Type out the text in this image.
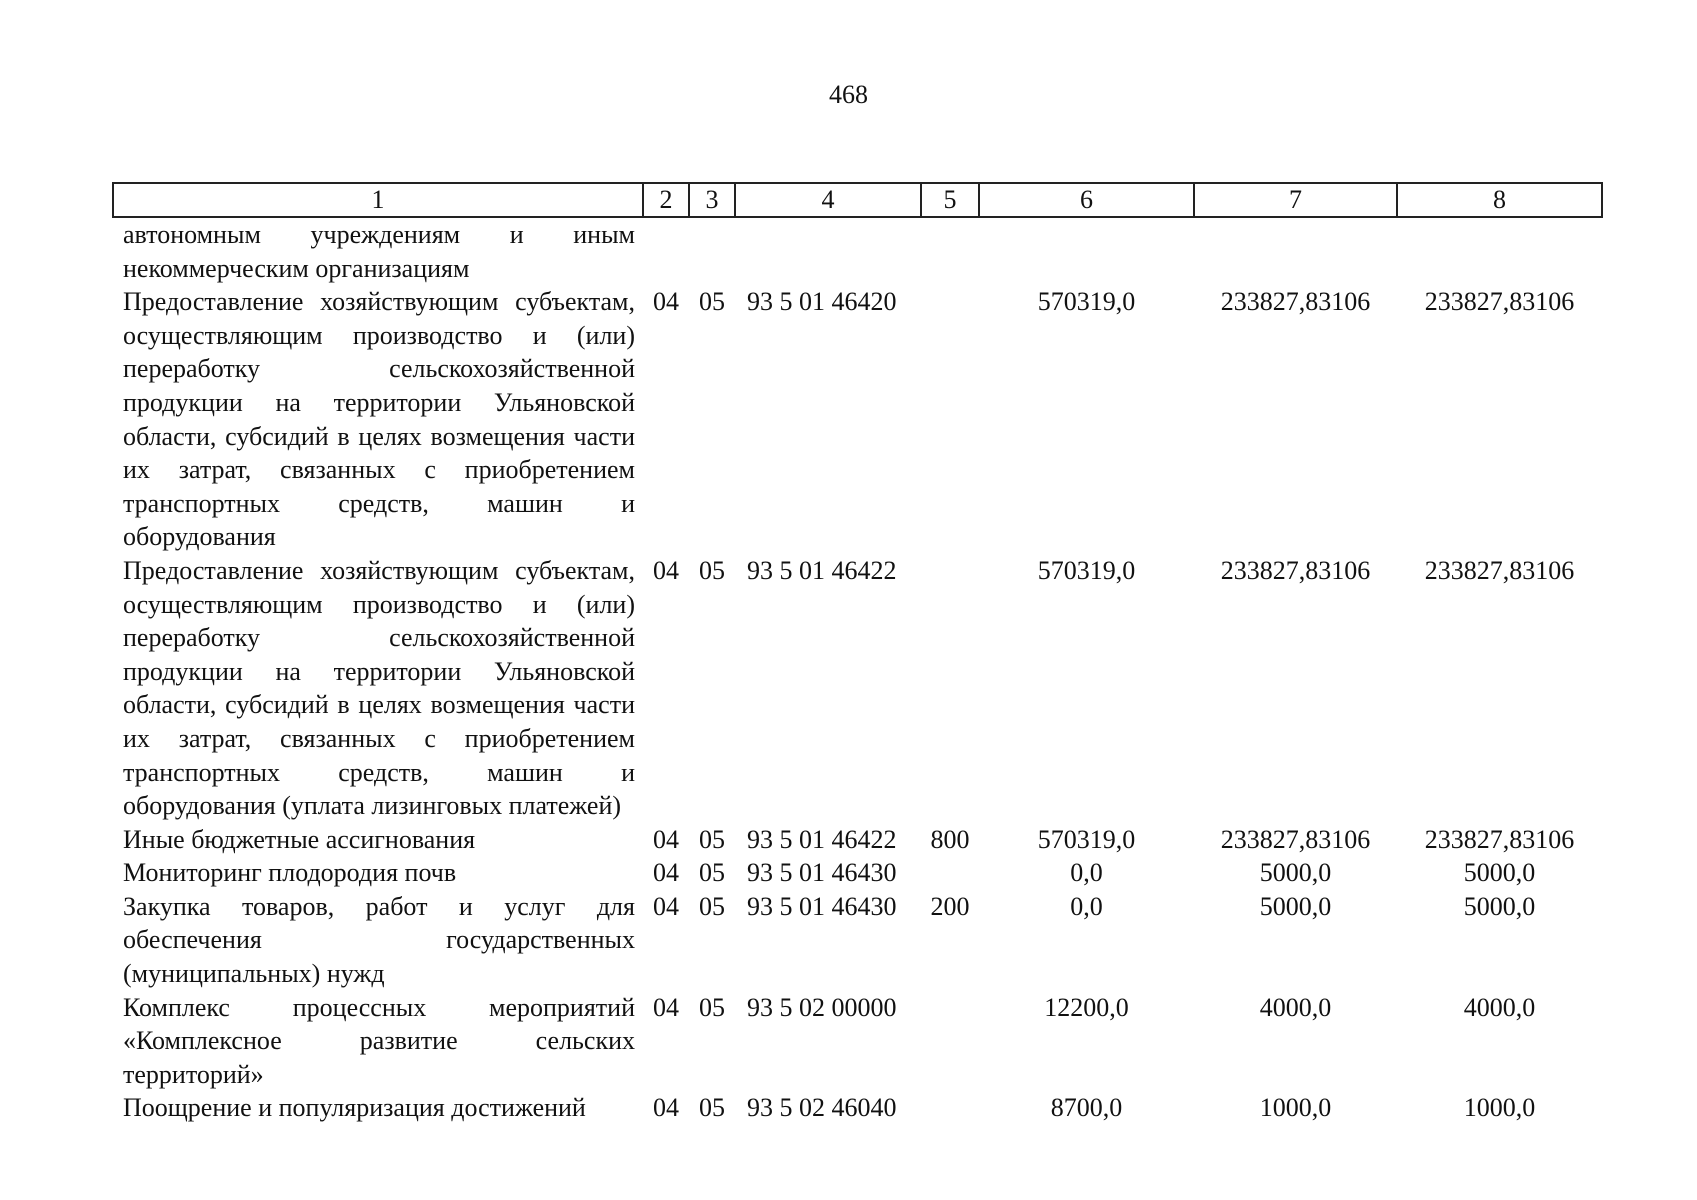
468
1	2	3	4	5	6	7	8
автономным учреждениям и иным некоммерческим организациям							
Предоставление хозяйствующим субъектам, осуществляющим производство и (или) переработку сельскохозяйственной продукции на территории Ульяновской области, субсидий в целях возмещения части их затрат, связанных с приобретением транспортных средств, машин и оборудования	04	05	93 5 01 46420		570319,0	233827,83106	233827,83106
Предоставление хозяйствующим субъектам, осуществляющим производство и (или) переработку сельскохозяйственной продукции на территории Ульяновской области, субсидий в целях возмещения части их затрат, связанных с приобретением транспортных средств, машин и оборудования (уплата лизинговых платежей)	04	05	93 5 01 46422		570319,0	233827,83106	233827,83106
Иные бюджетные ассигнования	04	05	93 5 01 46422	800	570319,0	233827,83106	233827,83106
Мониторинг плодородия почв	04	05	93 5 01 46430		0,0	5000,0	5000,0
Закупка товаров, работ и услуг для обеспечения государственных (муниципальных) нужд	04	05	93 5 01 46430	200	0,0	5000,0	5000,0
Комплекс процессных мероприятий «Комплексное развитие сельских территорий»	04	05	93 5 02 00000		12200,0	4000,0	4000,0
Поощрение и популяризация достижений	04	05	93 5 02 46040		8700,0	1000,0	1000,0
